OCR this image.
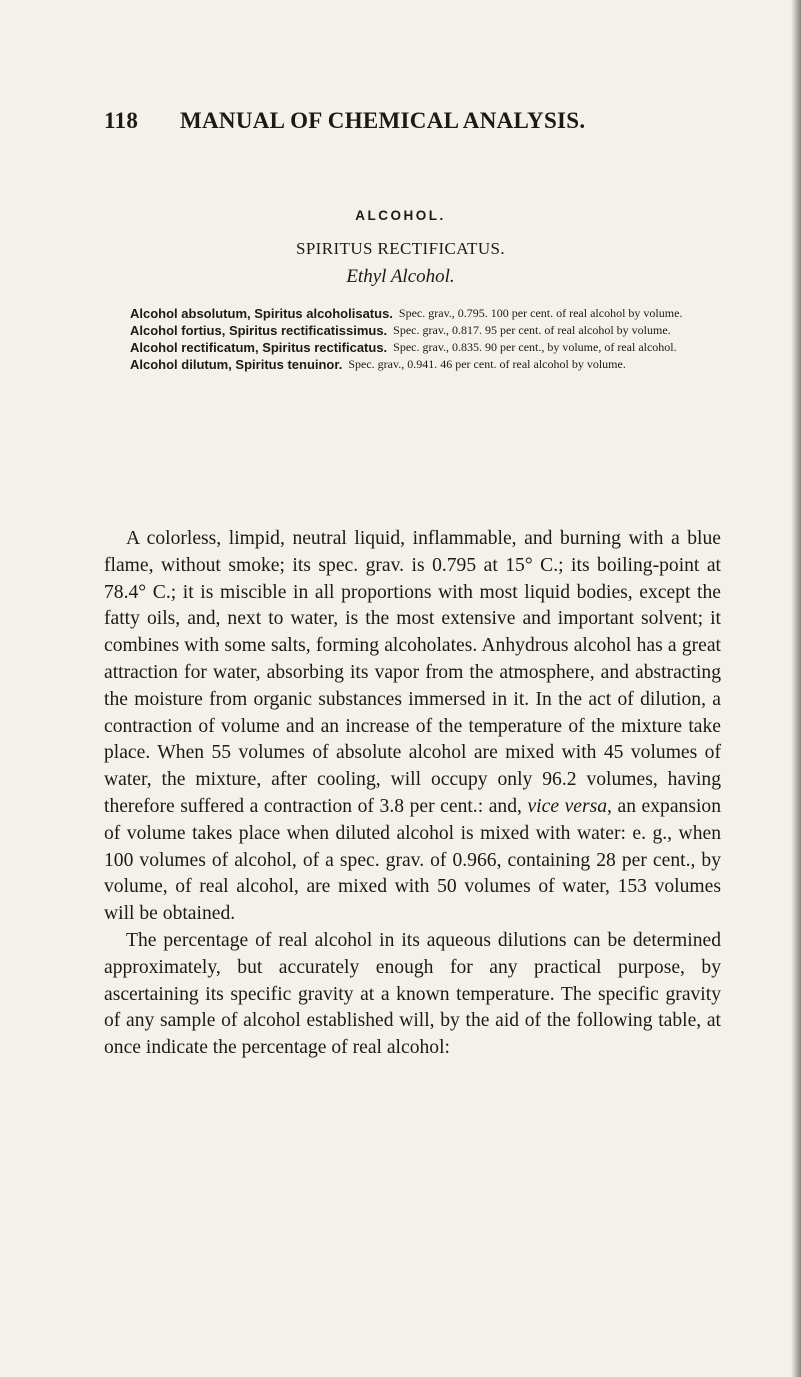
118 MANUAL OF CHEMICAL ANALYSIS.
ALCOHOL.
SPIRITUS RECTIFICATUS.
Ethyl Alcohol.
Alcohol absolutum, Spiritus alcoholisatus. Spec. grav., 0.795. 100 per cent. of real alcohol by volume.
Alcohol fortius, Spiritus rectificatissimus. Spec. grav., 0.817. 95 per cent. of real alcohol by volume.
Alcohol rectificatum, Spiritus rectificatus. Spec. grav., 0.835. 90 per cent., by volume, of real alcohol.
Alcohol dilutum, Spiritus tenuinor. Spec. grav., 0.941. 46 per cent. of real alcohol by volume.

A colorless, limpid, neutral liquid, inflammable, and burning with a blue flame, without smoke; its spec. grav. is 0.795 at 15° C.; its boiling-point at 78.4° C.; it is miscible in all proportions with most liquid bodies, except the fatty oils, and, next to water, is the most extensive and important solvent; it combines with some salts, forming alcoholates. Anhydrous alcohol has a great attraction for water, absorbing its vapor from the atmosphere, and abstracting the moisture from organic substances immersed in it. In the act of dilution, a contraction of volume and an increase of the temperature of the mixture take place. When 55 volumes of absolute alcohol are mixed with 45 volumes of water, the mixture, after cooling, will occupy only 96.2 volumes, having therefore suffered a contraction of 3.8 per cent.: and, vice versa, an expansion of volume takes place when diluted alcohol is mixed with water: e. g., when 100 volumes of alcohol, of a spec. grav. of 0.966, containing 28 per cent., by volume, of real alcohol, are mixed with 50 volumes of water, 153 volumes will be obtained.

The percentage of real alcohol in its aqueous dilutions can be determined approximately, but accurately enough for any practical purpose, by ascertaining its specific gravity at a known temperature. The specific gravity of any sample of alcohol established will, by the aid of the following table, at once indicate the percentage of real alcohol:
